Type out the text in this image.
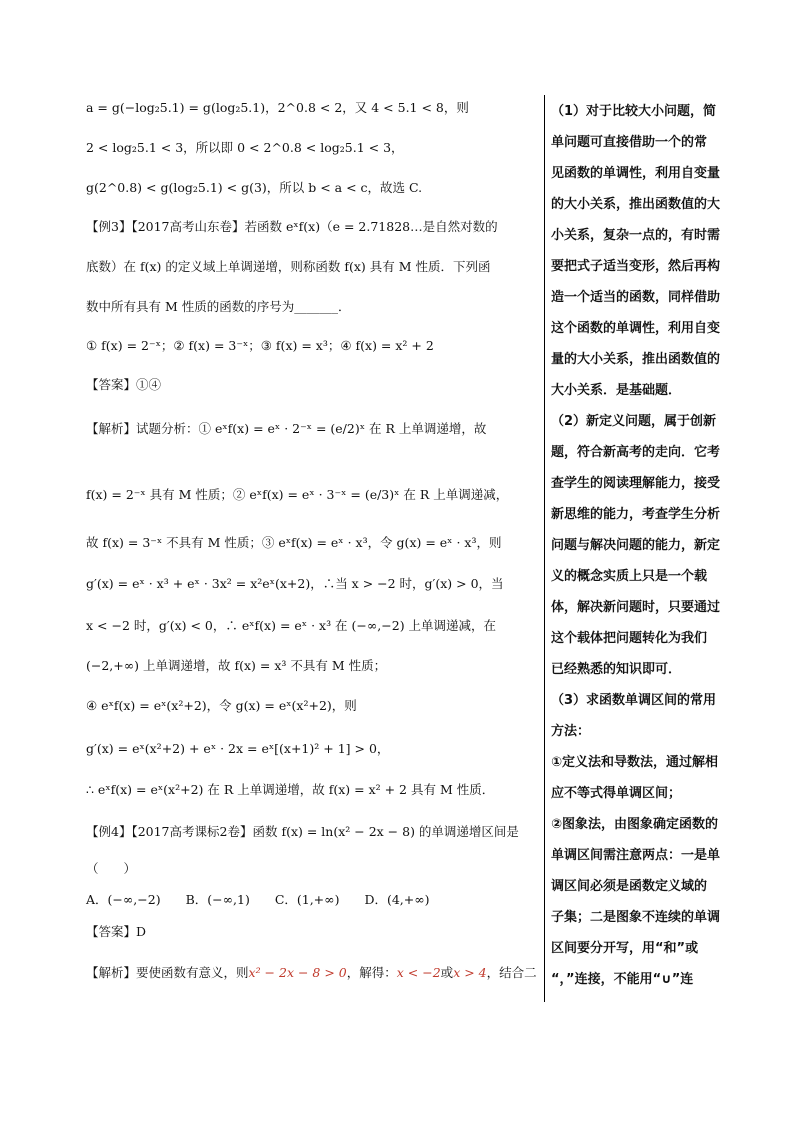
a = g(−log₂5.1) = g(log₂5.1)，2^0.8 < 2，又 4 < 5.1 < 8，则
2 < log₂5.1 < 3，所以即 0 < 2^0.8 < log₂5.1 < 3，
g(2^0.8) < g(log₂5.1) < g(3)，所以 b < a < c，故选 C.
【例3】【2017高考山东卷】若函数 eˣf(x)（e = 2.71828…是自然对数的
底数）在 f(x) 的定义域上单调递增，则称函数 f(x) 具有 M 性质．下列函
数中所有具有 M 性质的函数的序号为_______．
① f(x) = 2⁻ˣ；② f(x) = 3⁻ˣ；③ f(x) = x³；④ f(x) = x² + 2
【答案】①④
【解析】试题分析：① eˣf(x) = eˣ · 2⁻ˣ = (e/2)ˣ 在 R 上单调递增，故
f(x) = 2⁻ˣ 具有 M 性质；② eˣf(x) = eˣ · 3⁻ˣ = (e/3)ˣ 在 R 上单调递减，
故 f(x) = 3⁻ˣ 不具有 M 性质；③ eˣf(x) = eˣ · x³，令 g(x) = eˣ · x³，则
g′(x) = eˣ · x³ + eˣ · 3x² = x²eˣ(x+2)，∴当 x > −2 时，g′(x) > 0，当
x < −2 时，g′(x) < 0，∴ eˣf(x) = eˣ · x³ 在 (−∞,−2) 上单调递减，在
(−2,+∞) 上单调递增，故 f(x) = x³ 不具有 M 性质；
④ eˣf(x) = eˣ(x²+2)，令 g(x) = eˣ(x²+2)，则
g′(x) = eˣ(x²+2) + eˣ · 2x = eˣ[(x+1)² + 1] > 0，
∴ eˣf(x) = eˣ(x²+2) 在 R 上单调递增，故 f(x) = x² + 2 具有 M 性质．
【例4】【2017高考课标2卷】函数 f(x) = ln(x² − 2x − 8) 的单调递增区间是
（　　）
A．(−∞,−2)　　B．(−∞,1)　　C．(1,+∞)　　D．(4,+∞)
【答案】D
【解析】要使函数有意义，则x² − 2x − 8 > 0，解得：x < −2或x > 4，结合二
（1）对于比较大小问题，简
单问题可直接借助一个的常
见函数的单调性，利用自变量
的大小关系，推出函数值的大
小关系，复杂一点的，有时需
要把式子适当变形，然后再构
造一个适当的函数，同样借助
这个函数的单调性，利用自变
量的大小关系，推出函数值的
大小关系．是基础题．
（2）新定义问题，属于创新
题，符合新高考的走向．它考
查学生的阅读理解能力，接受
新思维的能力，考查学生分析
问题与解决问题的能力，新定
义的概念实质上只是一个载
体，解决新问题时，只要通过
这个载体把问题转化为我们
已经熟悉的知识即可．
（3）求函数单调区间的常用
方法：
①定义法和导数法，通过解相
应不等式得单调区间；
②图象法，由图象确定函数的
单调区间需注意两点：一是单
调区间必须是函数定义域的
子集；二是图象不连续的单调
区间要分开写，用“和”或
“，”连接，不能用“∪”连
